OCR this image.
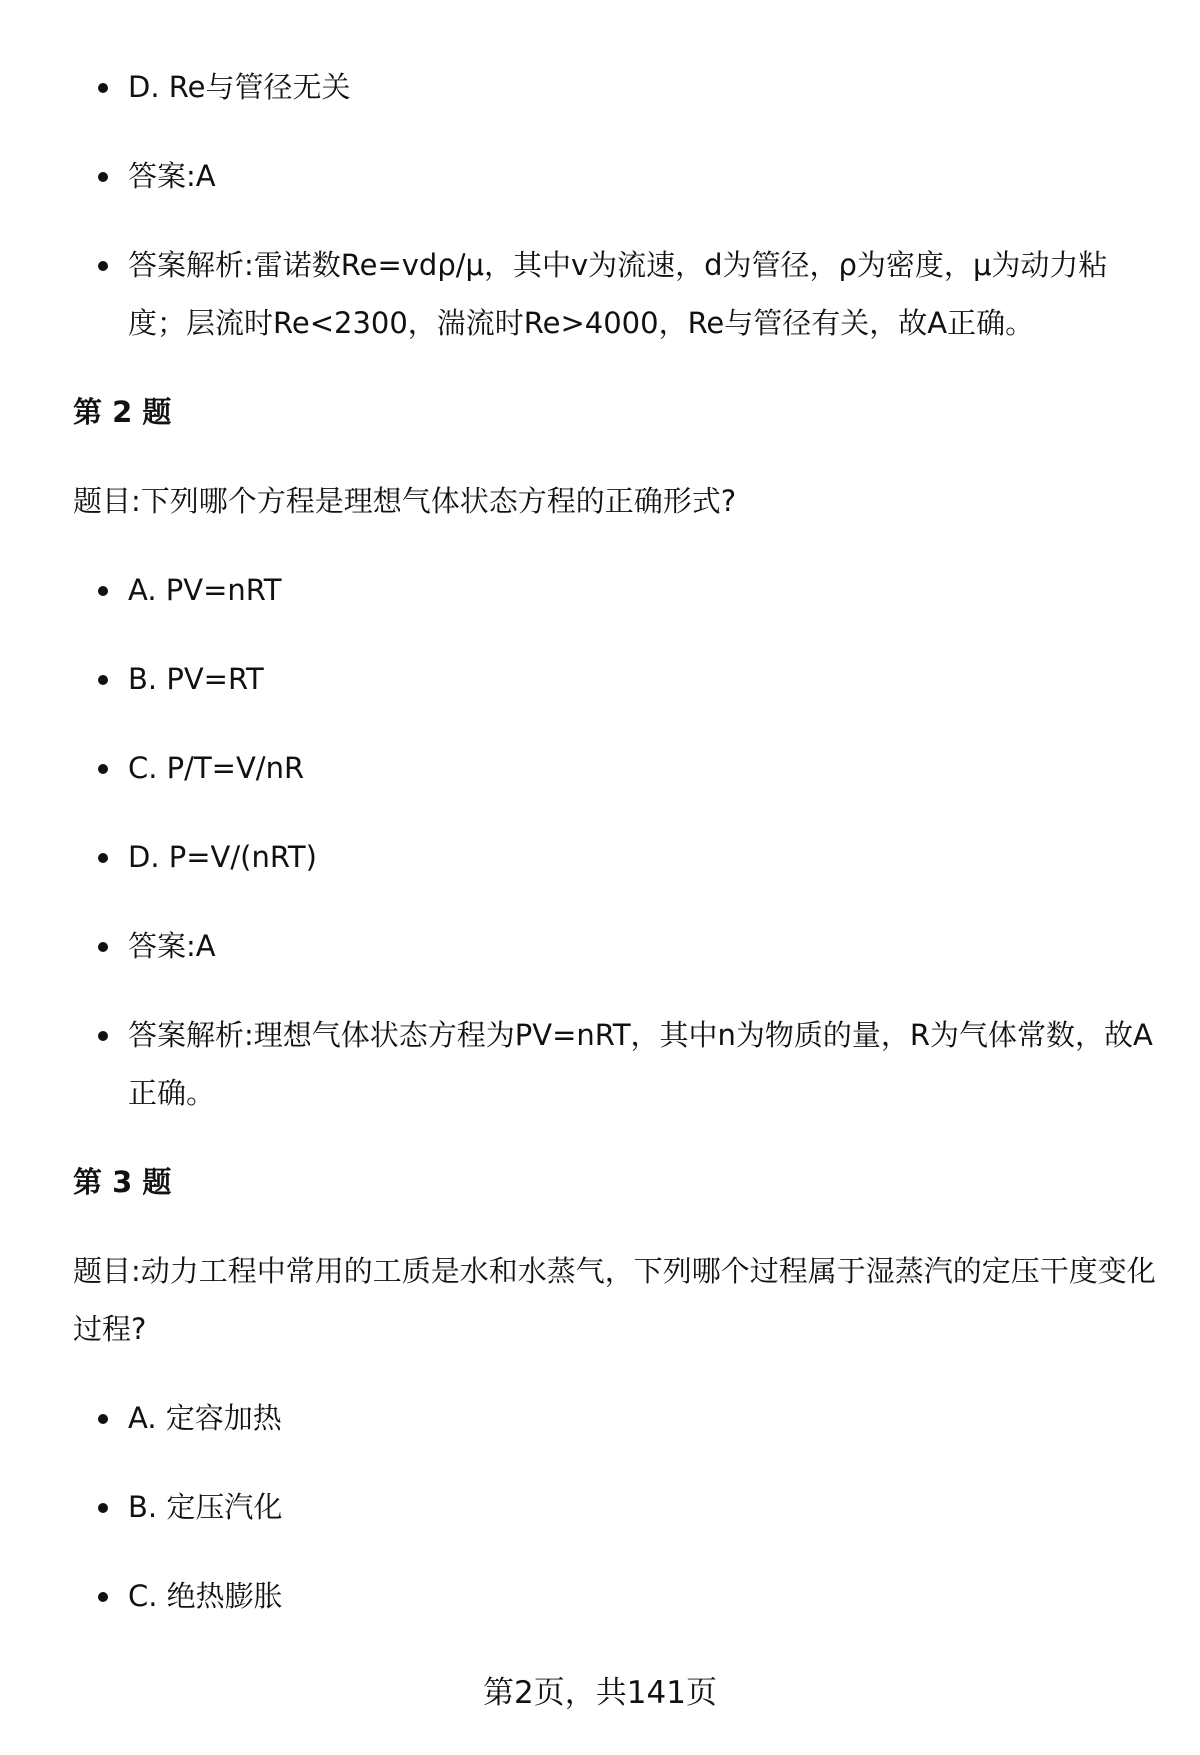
D. Re与管径无关
答案:A
答案解析:雷诺数Re=vdρ/μ，其中v为流速，d为管径，ρ为密度，μ为动力粘度；层流时Re<2300，湍流时Re>4000，Re与管径有关，故A正确。
第 2 题
题目:下列哪个方程是理想气体状态方程的正确形式?
A. PV=nRT
B. PV=RT
C. P/T=V/nR
D. P=V/(nRT)
答案:A
答案解析:理想气体状态方程为PV=nRT，其中n为物质的量，R为气体常数，故A正确。
第 3 题
题目:动力工程中常用的工质是水和水蒸气，下列哪个过程属于湿蒸汽的定压干度变化过程?
A. 定容加热
B. 定压汽化
C. 绝热膨胀
第2页，共141页
